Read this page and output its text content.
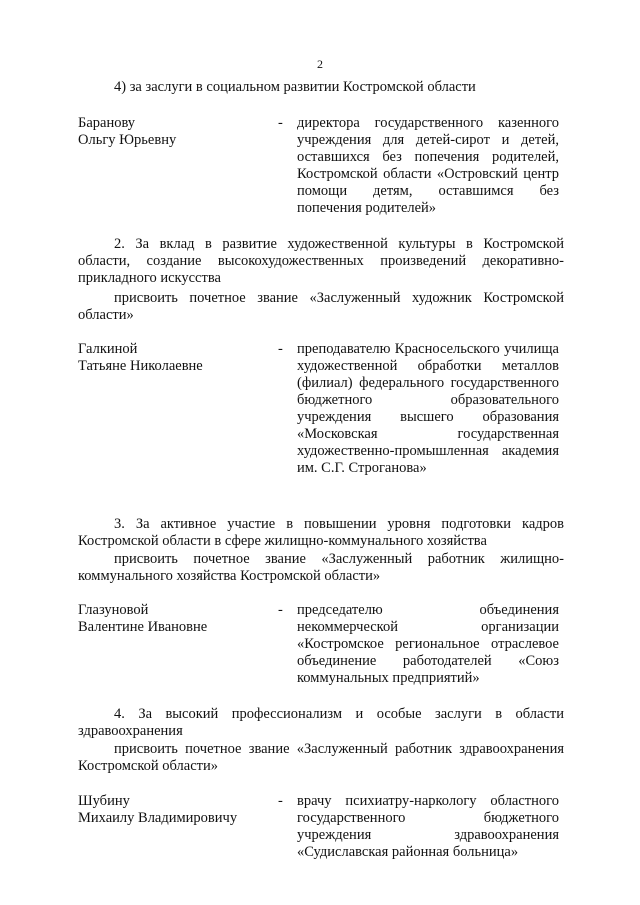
2
4) за заслуги в социальном развитии Костромской области
Баранову
Ольгу Юрьевну
- директора государственного казенного учреждения для детей-сирот и детей, оставшихся без попечения родителей, Костромской области «Островский центр помощи детям, оставшимся без попечения родителей»
2. За вклад в развитие художественной культуры в Костромской области, создание высокохудожественных произведений декоративно-прикладного искусства
присвоить почетное звание «Заслуженный художник Костромской области»
Галкиной
Татьяне Николаевне
- преподавателю Красносельского училища художественной обработки металлов (филиал) федерального государственного бюджетного образовательного учреждения высшего образования «Московская государственная художественно-промышленная академия им. С.Г. Строганова»
3. За активное участие в повышении уровня подготовки кадров Костромской области в сфере жилищно-коммунального хозяйства
присвоить почетное звание «Заслуженный работник жилищно-коммунального хозяйства Костромской области»
Глазуновой
Валентине Ивановне
- председателю объединения некоммерческой организации «Костромское региональное отраслевое объединение работодателей «Союз коммунальных предприятий»
4. За высокий профессионализм и особые заслуги в области здравоохранения
присвоить почетное звание «Заслуженный работник здравоохранения Костромской области»
Шубину
Михаилу Владимировичу
- врачу психиатру-наркологу областного государственного бюджетного учреждения здравоохранения «Судиславская районная больница»
